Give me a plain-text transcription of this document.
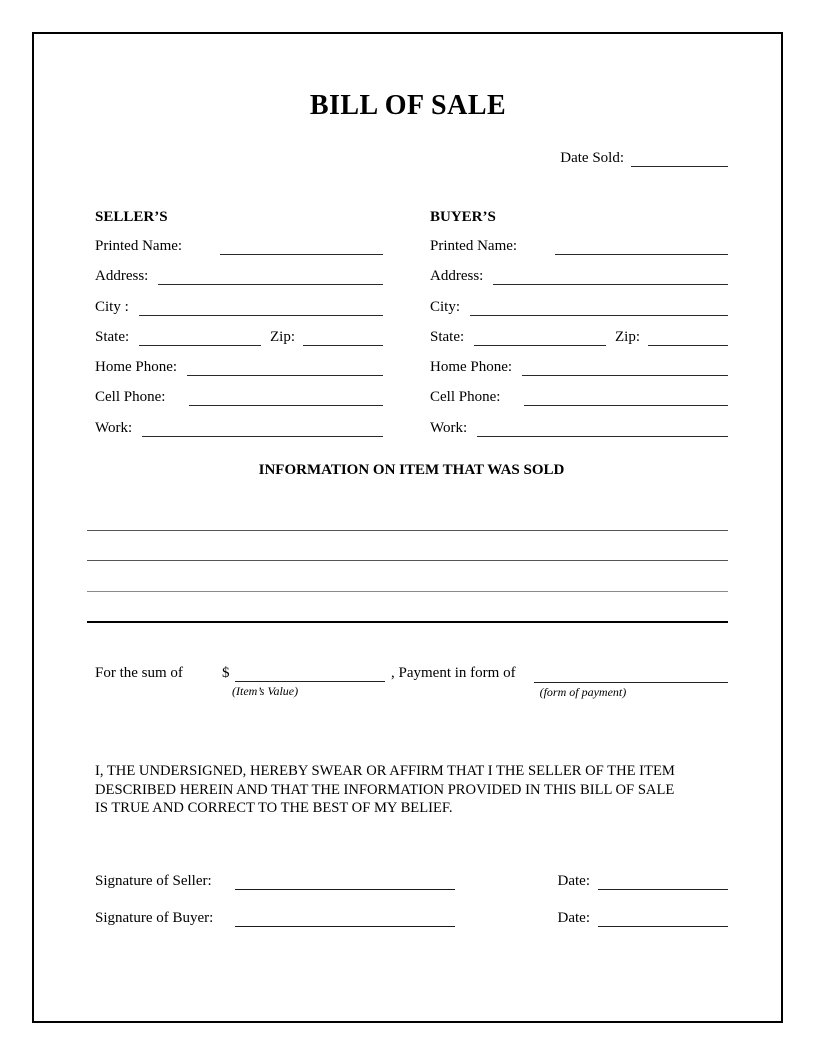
BILL OF SALE
Date Sold:
SELLER’S
Printed Name:
Address:
City :
State:	Zip:
Home Phone:
Cell Phone:
Work:
BUYER’S
Printed Name:
Address:
City:
State:	Zip:
Home Phone:
Cell Phone:
Work:
INFORMATION ON ITEM THAT WAS SOLD
For the sum of	$
(Item’s Value)
, Payment in form of
(form of payment)
I, THE UNDERSIGNED, HEREBY SWEAR OR AFFIRM THAT I THE SELLER OF THE ITEM
DESCRIBED HEREIN AND THAT THE INFORMATION PROVIDED IN THIS BILL OF SALE
IS TRUE AND CORRECT TO THE BEST OF MY BELIEF.
Signature of Seller:	Date:
Signature of Buyer:	Date:
